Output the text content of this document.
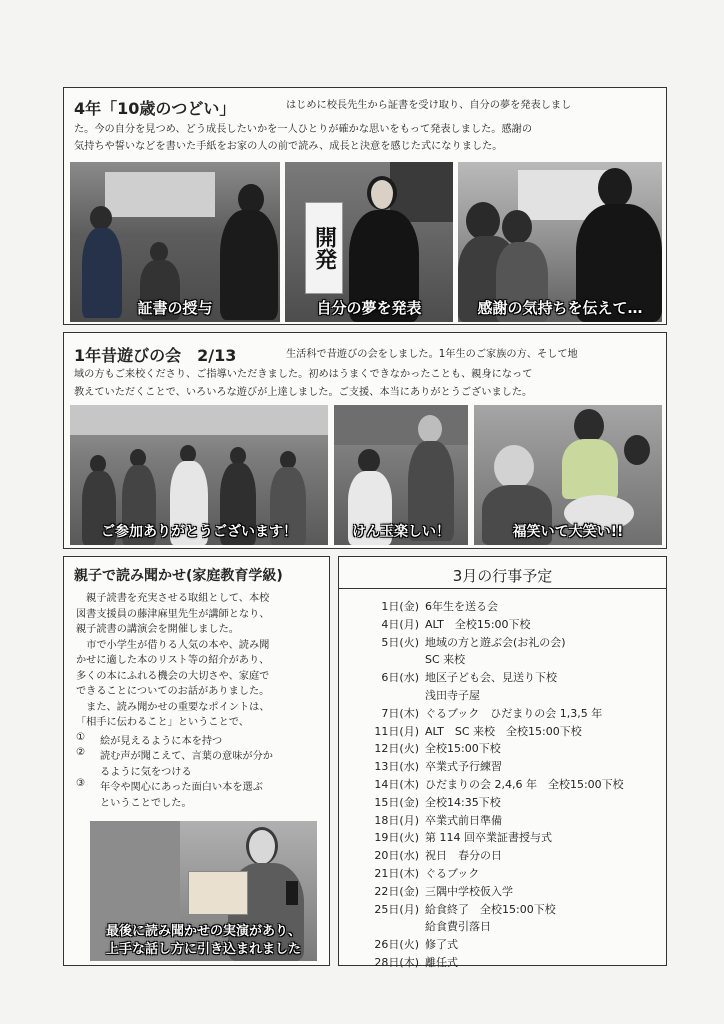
4年「10歳のつどい」	はじめに校長先生から証書を受け取り、自分の夢を発表しまし
た。今の自分を見つめ、どう成長したいかを一人ひとりが確かな思いをもって発表しました。感謝の
気持ちや誓いなどを書いた手紙をお家の人の前で読み、成長と決意を感じた式になりました。
証書の授与
開発
自分の夢を発表	感謝の気持ちを伝えて…
1年昔遊びの会　2/13	生活科で昔遊びの会をしました。1年生のご家族の方、そして地
域の方もご来校くださり、ご指導いただきました。初めはうまくできなかったことも、親身になって
教えていただくことで、いろいろな遊びが上達しました。ご支援、本当にありがとうございました。
ご参加ありがとうございます！	けん玉楽しい！	福笑いて大笑い!!
親子で読み聞かせ(家庭教育学級)
最後に読み聞かせの実演があり、
上手な話し方に引き込まれました
　親子読書を充実させる取組として、本校
図書支援員の藤津麻里先生が講師となり、
親子読書の講演会を開催しました。
　市で小学生が借りる人気の本や、読み聞
かせに適した本のリスト等の紹介があり、
多くの本にふれる機会の大切さや、家庭で
できることについてのお話がありました。
　また、読み聞かせの重要なポイントは、
「相手に伝わること」ということで、
① 絵が見えるように本を持つ
② 読む声が聞こえて、言葉の意味が分か
るように気をつける
③ 年令や関心にあった面白い本を選ぶ
ということでした。
3月の行事予定
1日(金) 6年生を送る会
4日(月) ALT　全校15:00下校
5日(火) 地域の方と遊ぶ会(お礼の会)
SC 来校
6日(水) 地区子ども会、見送り下校
浅田寺子屋
7日(木) ぐるブック　ひだまりの会 1,3,5 年
11日(月) ALT　SC 来校　全校15:00下校
12日(火) 全校15:00下校
13日(水) 卒業式予行練習
14日(木) ひだまりの会 2,4,6 年　全校15:00下校
15日(金) 全校14:35下校
18日(月) 卒業式前日準備
19日(火) 第 114 回卒業証書授与式
20日(水) 祝日　春分の日
21日(木) ぐるブック
22日(金) 三隅中学校仮入学
25日(月) 給食終了　全校15:00下校
給食費引落日
26日(火) 修了式
28日(木) 離任式
